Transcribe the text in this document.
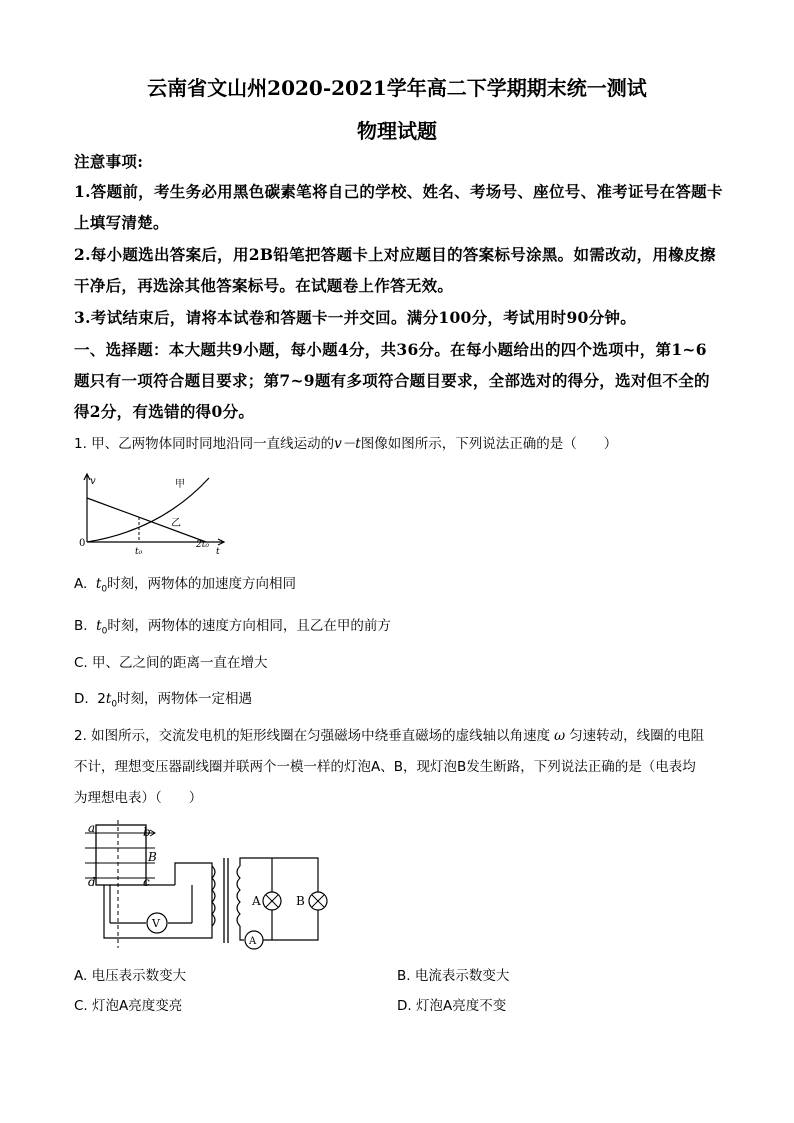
云南省文山州2020-2021学年高二下学期期末统一测试
物理试题
注意事项:
1.答题前，考生务必用黑色碳素笔将自己的学校、姓名、考场号、座位号、准考证号在答题卡
上填写清楚。
2.每小题选出答案后，用2B铅笔把答题卡上对应题目的答案标号涂黑。如需改动，用橡皮擦
干净后，再选涂其他答案标号。在试题卷上作答无效。
3.考试结束后，请将本试卷和答题卡一并交回。满分100分，考试用时90分钟。
一、选择题：本大题共9小题，每小题4分，共36分。在每小题给出的四个选项中，第1~6
题只有一项符合题目要求；第7~9题有多项符合题目要求，全部选对的得分，选对但不全的
得2分，有选错的得0分。
1. 甲、乙两物体同时同地沿同一直线运动的v－t图像如图所示，下列说法正确的是（　　）
v
t
0
甲
乙
t₀
2t₀
A. $t_0$时刻，两物体的加速度方向相同
B. $t_0$时刻，两物体的速度方向相同，且乙在甲的前方
C. 甲、乙之间的距离一直在增大
D. $2t_0$时刻，两物体一定相遇
2. 如图所示，交流发电机的矩形线圈在匀强磁场中绕垂直磁场的虚线轴以角速度 ω 匀速转动，线圈的电阻
不计，理想变压器副线圈并联两个一模一样的灯泡A、B，现灯泡B发生断路，下列说法正确的是（电表均
为理想电表）（　　）
V
A
A	B
a	b
d	c
B
A. 电压表示数变大	B. 电流表示数变大
C. 灯泡A亮度变亮	D. 灯泡A亮度不变
